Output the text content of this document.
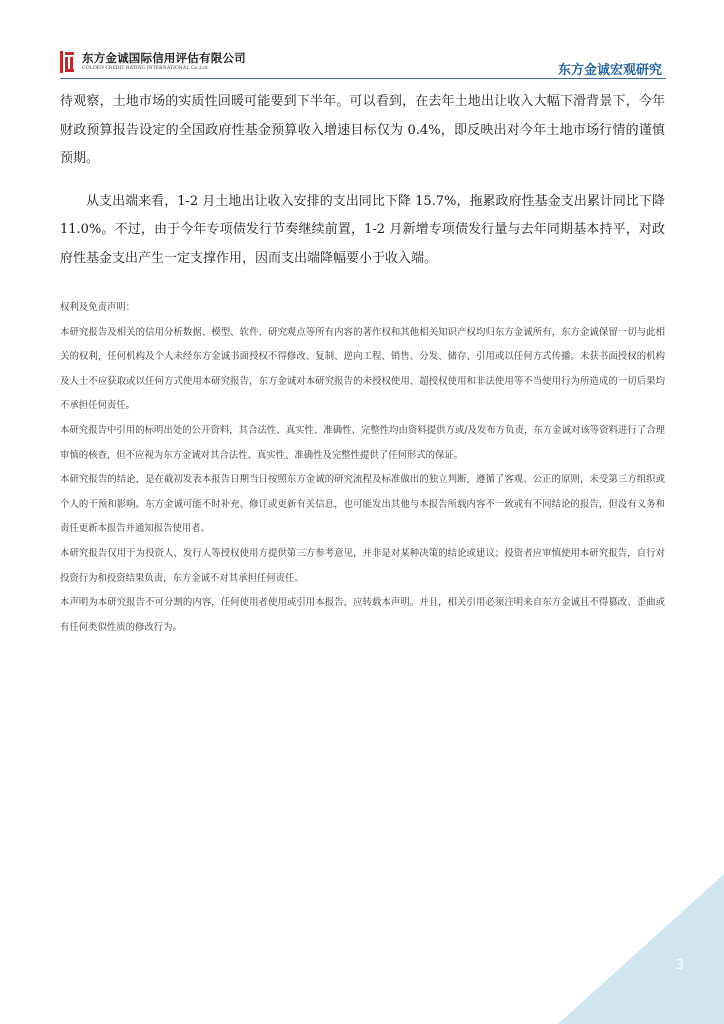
东方金诚国际信用评估有限公司
GOLDEN CREDIT RATING INTERNATIONAL Co.,Ltd.	东方金诚宏观研究

待观察，土地市场的实质性回暖可能要到下半年。可以看到，在去年土地出让收入大幅下滑背景下，今年财政预算报告设定的全国政府性基金预算收入增速目标仅为 0.4%，即反映出对今年土地市场行情的谨慎预期。

从支出端来看，1-2 月土地出让收入安排的支出同比下降 15.7%，拖累政府性基金支出累计同比下降 11.0%。不过，由于今年专项债发行节奏继续前置，1-2 月新增专项债发行量与去年同期基本持平，对政府性基金支出产生一定支撑作用，因而支出端降幅要小于收入端。

权利及免责声明：

本研究报告及相关的信用分析数据、模型、软件、研究观点等所有内容的著作权和其他相关知识产权均归东方金诚所有，东方金诚保留一切与此相关的权利，任何机构及个人未经东方金诚书面授权不得修改、复制、逆向工程、销售、分发、储存、引用或以任何方式传播。未获书面授权的机构及人士不应获取或以任何方式使用本研究报告，东方金诚对本研究报告的未授权使用、超授权使用和非法使用等不当使用行为所造成的一切后果均不承担任何责任。

本研究报告中引用的标明出处的公开资料，其合法性、真实性、准确性、完整性均由资料提供方或/及发布方负责，东方金诚对该等资料进行了合理审慎的核查，但不应视为东方金诚对其合法性、真实性、准确性及完整性提供了任何形式的保证。

本研究报告的结论，是在截初发表本报告日期当日按照东方金诚的研究流程及标准做出的独立判断，遵循了客观、公正的原则，未受第三方组织或个人的干预和影响。东方金诚可能不时补充、修订或更新有关信息，也可能发出其他与本报告所载内容不一致或有不同结论的报告，但没有义务和责任更新本报告并通知报告使用者。

本研究报告仅用于为投资人、发行人等授权使用方提供第三方参考意见，并非是对某种决策的结论或建议；投资者应审慎使用本研究报告，自行对投资行为和投资结果负责，东方金诚不对其承担任何责任。

本声明为本研究报告不可分割的内容，任何使用者使用或引用本报告，应转载本声明。并且，相关引用必须注明来自东方金诚且不得篡改、歪曲或有任何类似性质的修改行为。

3
